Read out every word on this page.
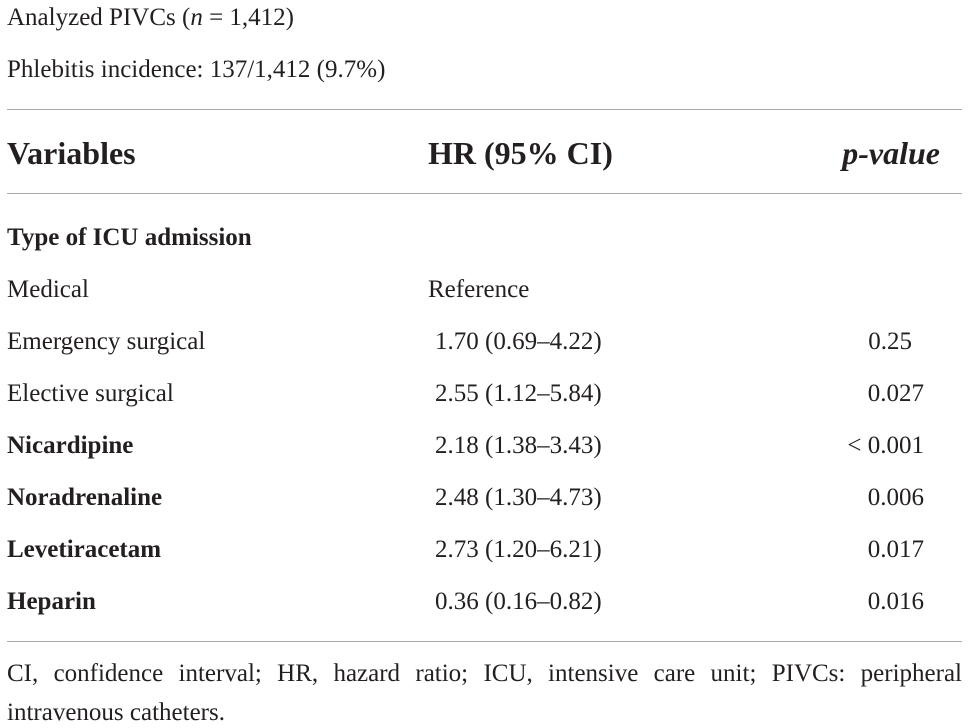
Analyzed PIVCs (n = 1,412)
Phlebitis incidence: 137/1,412 (9.7%)
Variables	HR (95% CI)	p-value
Type of ICU admission
Medical	Reference
Emergency surgical	1.70 (0.69–4.22)	0.25
Elective surgical	2.55 (1.12–5.84)	0.027
Nicardipine	2.18 (1.38–3.43)	< 0.001
Noradrenaline	2.48 (1.30–4.73)	0.006
Levetiracetam	2.73 (1.20–6.21)	0.017
Heparin	0.36 (0.16–0.82)	0.016
CI, confidence interval; HR, hazard ratio; ICU, intensive care unit; PIVCs: peripheral
intravenous catheters.
